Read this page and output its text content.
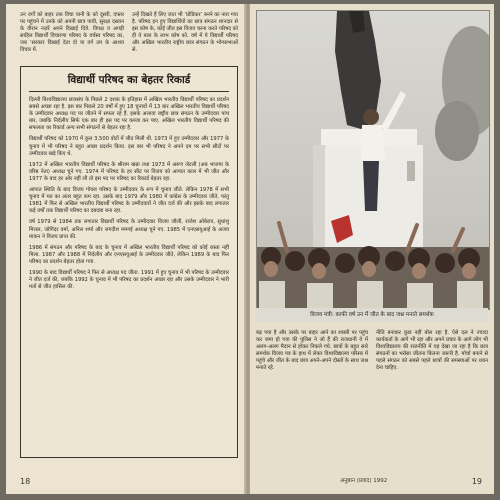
उन वर्गों को बाहर तक विचा यानी के को दूसरी, दफ्तर पर पहुंचने में उनके को अपनी छात्र पायी, सुरक्षा दस्तान के वीरान नज़रें अपने दिखाई दिये. विपक्ष व अगड़ी साहिल विद्यार्थी विचारणा परिषद के वर्चस्व परिषद का, जब ‘सरकार दिखाई देता दो या वर्ग उम के आशय विचार में.

उन्हें दिखते हैं लिए जात भी ‘प्रोडिकर’ बनने का नारा गया है. परिषद इन हुए विद्यार्थियों का छात्र संगठन शानदार से इस कोष के, कोई जीत इस विजय चरना करते परिषद को ही वे बाल के लाभ कोष को. वर्ष में ये विद्यार्थी परिषद और अखिल भारतीय राष्ट्रीय छात्र संगठन के भोगसभाओं से.

विद्यार्थी परिषद का बेहतर रिकार्ड

दिल्ली विश्वविद्यालय छात्रसंघ के पिछले 2 दशक के इतिहास में अखिल भारतीय विद्यार्थी परिषद का प्रदर्शन सबसे अच्छा रहा है. इस बार पिछले 20 वर्षों में हुए 18 चुनावों में 13 बार अखिल भारतीय विद्यार्थी परिषद के उम्मीदवार अध्यक्ष पद पर जीतने में सफल रहे हैं. इसके अलावा राष्ट्रीय छात्र संगठन के उम्मीदवार पांच बार, जबकि निर्दलीय सिर्फ एक बार ही इस पद पर कब्जा कर पाए. अखिल भारतीय विद्यार्थी परिषद की सफलता का रिकार्ड अन्य सभी संगठनों से बेहतर रहा है.

विद्यार्थी परिषद को 1970 में कुल 3,500 वोटों में जीत मिली थी. 1973 में हुए उम्मीदवार और 1977 के चुनाव में भी परिषद ने बहुत अच्छा प्रदर्शन किया. इस बार भी परिषद ने अपने दम पर सभी सीटों पर उम्मीदवार खड़े किए थे.

1972 में अखिल भारतीय विद्यार्थी परिषद के श्रीराम खन्ना तथा 1973 में अरुण जेटली (अब भाजपा के वरिष्ठ नेता) अध्यक्ष चुने गए. 1974 में परिषद के हर सीट पर विजय को आपात काल में भी जीत और 1977 के बाद हर ओर नहीं ली तो इस पद पर परिषद का रिकार्ड बेहतर रहा.

आपात स्थिति के बाद विजय गोयल परिषद के उम्मीदवार के रूप में चुनाव जीते. लेकिन 1978 में सभी चुनाव में मत का अंतर बहुत कम रहा. उसके बाद 1979 और 1980 में कांग्रेस के उम्मीदवार जीते, परंतु 1981 में फिर से अखिल भारतीय विद्यार्थी परिषद के उम्मीदवारों ने जीत दर्ज की और इसके बाद लगातार कई वर्षों तक विद्यार्थी परिषद का दबदबा बना रहा.

वर्ष 1979 से 1984 तक लगातार विद्यार्थी परिषद के उम्मीदवार विजय जौली, राजेश ओबेराय, सुधांशु मित्तल, जोगिंदर वर्मा, अनिल शर्मा और जगदीश ममगई अध्यक्ष चुने गए. 1985 में एनएसयूआई के अजय माकन ने विजय प्राप्त की.

1986 में संगठन और परिषद के बाद के चुनाव में अखिल भारतीय विद्यार्थी परिषद को कोई रास्ता नहीं मिला. 1987 और 1988 में निर्दलीय और एनएसयूआई के उम्मीदवार जीते, लेकिन 1989 के बाद फिर परिषद का प्रदर्शन बेहतर होता गया.

1990 के बाद विद्यार्थी परिषद ने फिर से अध्यक्ष पद जीता. 1991 में हुए चुनाव में भी परिषद के उम्मीदवार ने जीत दर्ज की, जबकि 1992 के चुनाव में भी परिषद का प्रदर्शन अच्छा रहा और उसके उम्मीदवार ने भारी मतों से जीत हासिल की.

18
विजय मंत्री: काफी वर्ष उन में जीत के बाद जश्न मनाते समर्थक

बढ़ गया है और उसके पर बाहर आने का शास्त्री पर पहुंच कर जमा हो गया की पुलिस ने जो हैं की राजधानी ये में अलग-अलग मैदान से होकर निकले गये. छात्रों के बहुत सारे समर्थक विजय पत्र के हाथ में लेकर विश्वविद्यालय परिसर में पहुंचे और जीत के बाद छात्र अपने-अपने दोस्तों के साथ जश्न मनाते रहे.

नीति बनाकर कुछ नहीं बोल रहा है. ऐसे दल ने ज्यादा कार्यकर्ता के आगे भी रहा और अपने प्रचार के आगे लोग भी विश्वविद्यालय की राजनीति में यह देखा जा रहा है कि छात्र संगठनों का भरोसा जीतना कितना जरूरी है. मोर्चा बनाने से पहले संगठन को सबसे पहले छात्रों की समस्याओं पर ध्यान देना चाहिए.

अनुष्ठान (प्रवाद) 1992	19
